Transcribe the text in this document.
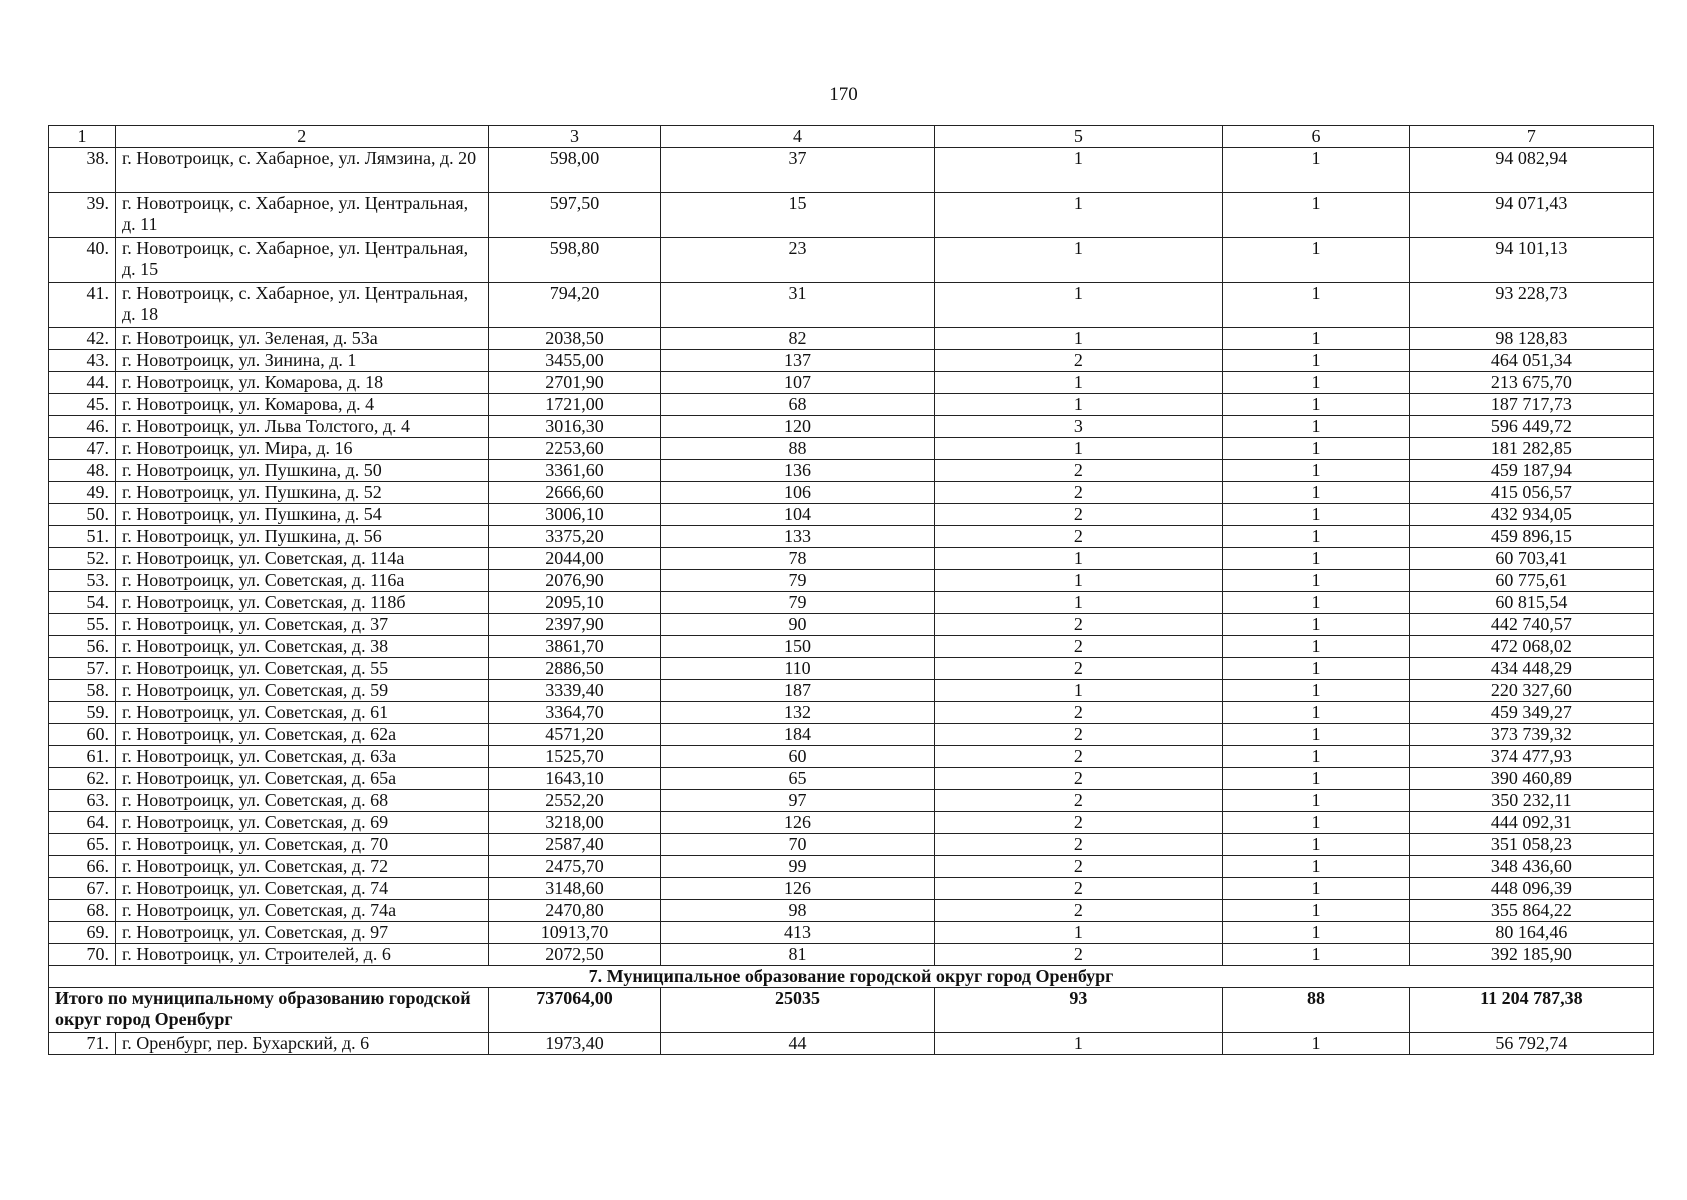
170
1	2	3	4	5	6	7
38.	г. Новотроицк, с. Хабарное, ул. Лямзина, д. 20	598,00	37	1	1	94 082,94
39.	г. Новотроицк, с. Хабарное, ул. Центральная, д. 11	597,50	15	1	1	94 071,43
40.	г. Новотроицк, с. Хабарное, ул. Центральная, д. 15	598,80	23	1	1	94 101,13
41.	г. Новотроицк, с. Хабарное, ул. Центральная, д. 18	794,20	31	1	1	93 228,73
42.	г. Новотроицк, ул. Зеленая, д. 53а	2038,50	82	1	1	98 128,83
43.	г. Новотроицк, ул. Зинина, д. 1	3455,00	137	2	1	464 051,34
44.	г. Новотроицк, ул. Комарова, д. 18	2701,90	107	1	1	213 675,70
45.	г. Новотроицк, ул. Комарова, д. 4	1721,00	68	1	1	187 717,73
46.	г. Новотроицк, ул. Льва Толстого, д. 4	3016,30	120	3	1	596 449,72
47.	г. Новотроицк, ул. Мира, д. 16	2253,60	88	1	1	181 282,85
48.	г. Новотроицк, ул. Пушкина, д. 50	3361,60	136	2	1	459 187,94
49.	г. Новотроицк, ул. Пушкина, д. 52	2666,60	106	2	1	415 056,57
50.	г. Новотроицк, ул. Пушкина, д. 54	3006,10	104	2	1	432 934,05
51.	г. Новотроицк, ул. Пушкина, д. 56	3375,20	133	2	1	459 896,15
52.	г. Новотроицк, ул. Советская, д. 114а	2044,00	78	1	1	60 703,41
53.	г. Новотроицк, ул. Советская, д. 116а	2076,90	79	1	1	60 775,61
54.	г. Новотроицк, ул. Советская, д. 118б	2095,10	79	1	1	60 815,54
55.	г. Новотроицк, ул. Советская, д. 37	2397,90	90	2	1	442 740,57
56.	г. Новотроицк, ул. Советская, д. 38	3861,70	150	2	1	472 068,02
57.	г. Новотроицк, ул. Советская, д. 55	2886,50	110	2	1	434 448,29
58.	г. Новотроицк, ул. Советская, д. 59	3339,40	187	1	1	220 327,60
59.	г. Новотроицк, ул. Советская, д. 61	3364,70	132	2	1	459 349,27
60.	г. Новотроицк, ул. Советская, д. 62а	4571,20	184	2	1	373 739,32
61.	г. Новотроицк, ул. Советская, д. 63а	1525,70	60	2	1	374 477,93
62.	г. Новотроицк, ул. Советская, д. 65а	1643,10	65	2	1	390 460,89
63.	г. Новотроицк, ул. Советская, д. 68	2552,20	97	2	1	350 232,11
64.	г. Новотроицк, ул. Советская, д. 69	3218,00	126	2	1	444 092,31
65.	г. Новотроицк, ул. Советская, д. 70	2587,40	70	2	1	351 058,23
66.	г. Новотроицк, ул. Советская, д. 72	2475,70	99	2	1	348 436,60
67.	г. Новотроицк, ул. Советская, д. 74	3148,60	126	2	1	448 096,39
68.	г. Новотроицк, ул. Советская, д. 74а	2470,80	98	2	1	355 864,22
69.	г. Новотроицк, ул. Советская, д. 97	10913,70	413	1	1	80 164,46
70.	г. Новотроицк, ул. Строителей, д. 6	2072,50	81	2	1	392 185,90
7. Муниципальное образование городской округ город Оренбург						
Итого по муниципальному образованию городской округ город Оренбург		737064,00	25035	93	88	11 204 787,38
71.	г. Оренбург, пер. Бухарский, д. 6	1973,40	44	1	1	56 792,74
